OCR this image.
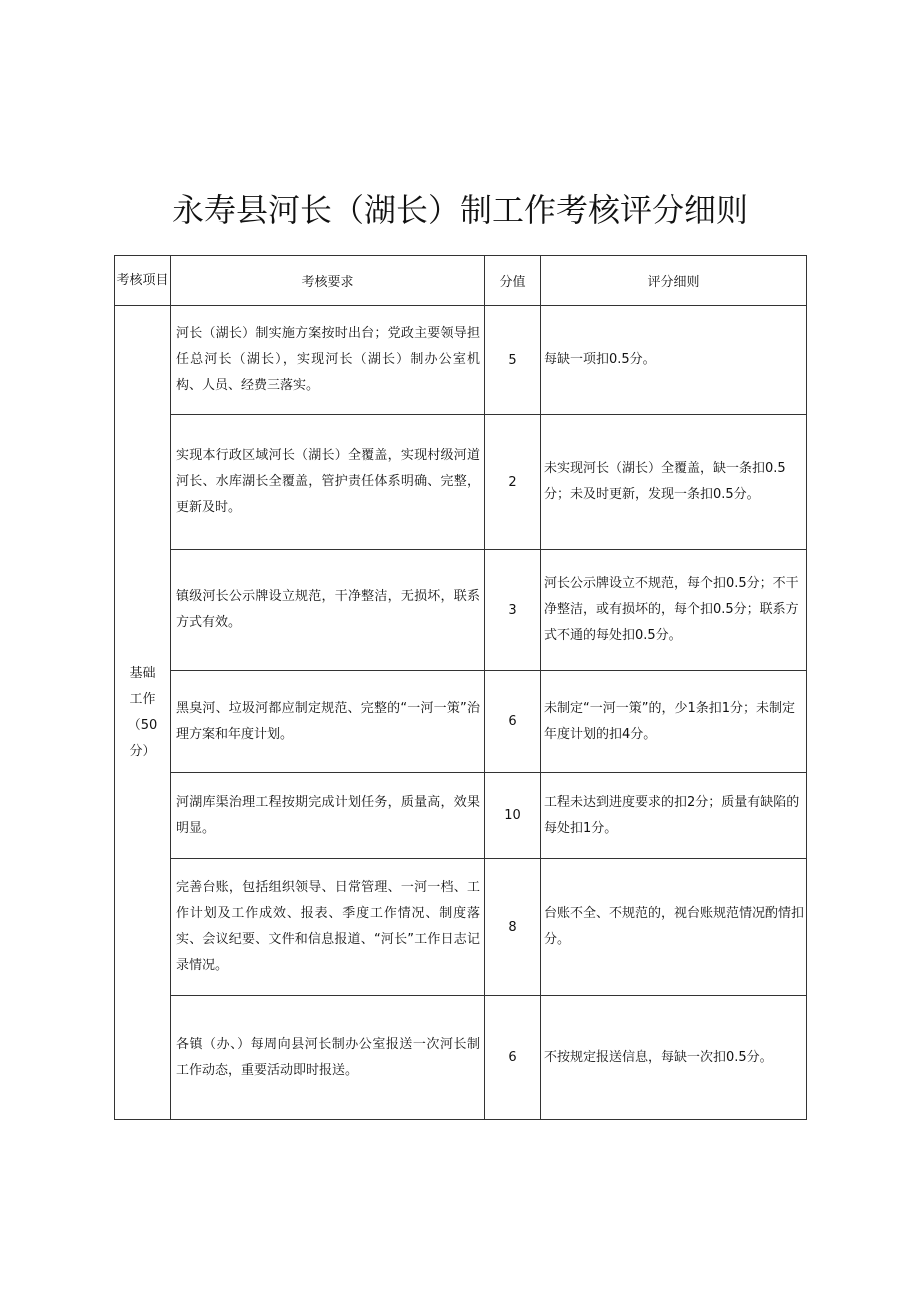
永寿县河长（湖长）制工作考核评分细则
考核项目	考核要求	分值	评分细则

基础
工作
（50
分）	河长（湖长）制实施方案按时出台；党政主要领导担任总河长（湖长），实现河长（湖长）制办公室机构、人员、经费三落实。	5	每缺一项扣0.5分。
	实现本行政区域河长（湖长）全覆盖，实现村级河道河长、水库湖长全覆盖，管护责任体系明确、完整，更新及时。	2	未实现河长（湖长）全覆盖，缺一条扣0.5分；未及时更新，发现一条扣0.5分。
	镇级河长公示牌设立规范，干净整洁，无损坏，联系方式有效。	3	河长公示牌设立不规范，每个扣0.5分；不干净整洁，或有损坏的，每个扣0.5分；联系方式不通的每处扣0.5分。
	黑臭河、垃圾河都应制定规范、完整的“一河一策”治理方案和年度计划。	6	未制定“一河一策”的，少1条扣1分；未制定年度计划的扣4分。
	河湖库渠治理工程按期完成计划任务，质量高，效果明显。	10	工程未达到进度要求的扣2分；质量有缺陷的每处扣1分。
	完善台账，包括组织领导、日常管理、一河一档、工作计划及工作成效、报表、季度工作情况、制度落实、会议纪要、文件和信息报道、“河长”工作日志记录情况。	8	台账不全、不规范的，视台账规范情况酌情扣分。
	各镇（办、）每周向县河长制办公室报送一次河长制工作动态，重要活动即时报送。	6	不按规定报送信息，每缺一次扣0.5分。
